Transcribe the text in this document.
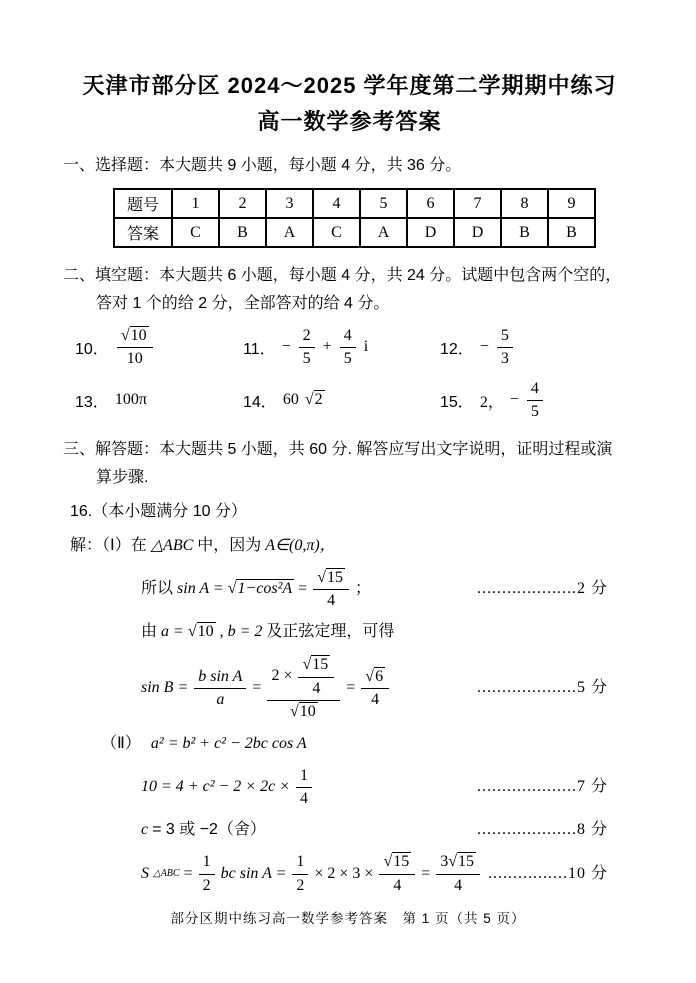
天津市部分区 2024～2025 学年度第二学期期中练习
高一数学参考答案
一、选择题：本大题共 9 小题，每小题 4 分，共 36 分。
题号	1	2	3	4	5	6	7	8	9
答案	C	B	A	C	A	D	D	B	B
二、填空题：本大题共 6 小题，每小题 4 分，共 24 分。试题中包含两个空的，
答对 1 个的给 2 分，全部答对的给 4 分。
10． $\frac{√10}{10}$	11． − $\frac{2}{5} + \frac{4}{5}$ i	12． − $\frac{5}{3}$
13． 100π	14． 60 √2	15． 2， − $\frac{4}{5}$
三、解答题：本大题共 5 小题，共 60 分. 解答应写出文字说明，证明过程或演
算步骤.
16.（本小题满分 10 分）
解：（Ⅰ）在 △ABC 中，因为 A∈(0,π)，
所以 $\sin A = √1-\cos^2A = \frac{√15}{4}$ ；	....................2 分
由 a = √10 , b = 2 及正弦定理，可得
$\sin B = \frac{\text{b sin A}}{a} = \frac{2 \times \frac{√15}{4}}{√10} = \frac{√6}{4}$	....................5 分
（Ⅱ） a² = b² + c² − 2bc cos A
$10 = 4 + c^2 - 2 \times 2c \times \frac{1}{4}$	....................7 分
c = 3 或 −2（舍）	....................8 分
S △ABC = $\frac{1}{2}$ bc $\sin A = \frac{1}{2} \times 2 \times 3 \times \frac{√15}{4} = \frac{3√15}{4} ................10$ 分
部分区期中练习高一数学参考答案　第 1 页（共 5 页）
